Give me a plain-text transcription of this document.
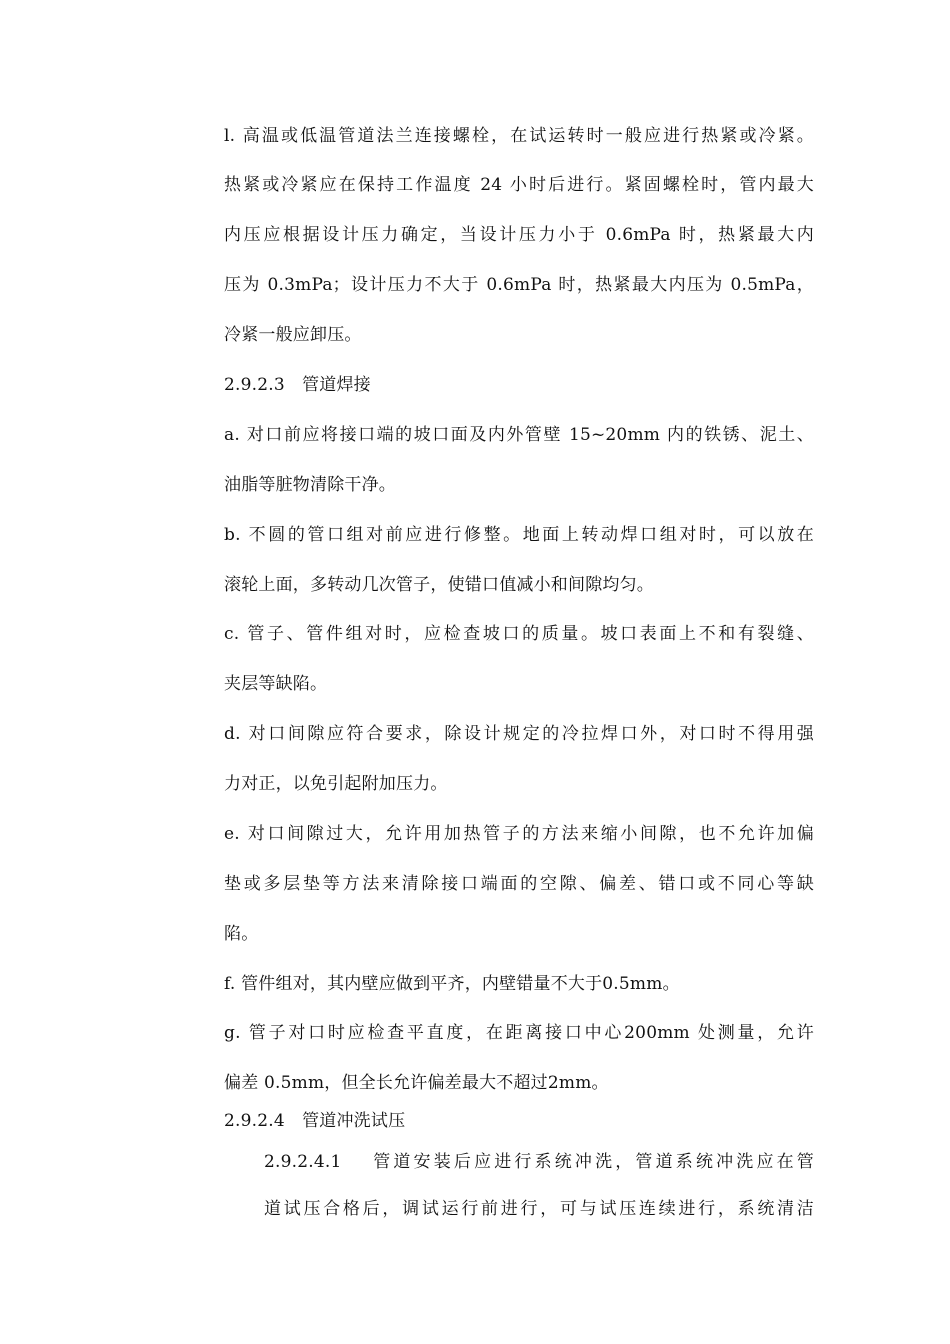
l. 高温或低温管道法兰连接螺栓，在试运转时一般应进行热紧或冷紧。
热紧或冷紧应在保持工作温度 24 小时后进行。紧固螺栓时，管内最大
内压应根据设计压力确定，当设计压力小于 0.6mPa 时，热紧最大内
压为 0.3mPa；设计压力不大于 0.6mPa 时，热紧最大内压为 0.5mPa，
冷紧一般应卸压。
2.9.2.3　管道焊接
a. 对口前应将接口端的坡口面及内外管壁 15~20mm 内的铁锈、泥土、
油脂等脏物清除干净。
b. 不圆的管口组对前应进行修整。地面上转动焊口组对时，可以放在
滚轮上面，多转动几次管子，使错口值减小和间隙均匀。
c. 管子、管件组对时，应检查坡口的质量。坡口表面上不和有裂缝、
夹层等缺陷。
d. 对口间隙应符合要求，除设计规定的冷拉焊口外，对口时不得用强
力对正，以免引起附加压力。
e. 对口间隙过大，允许用加热管子的方法来缩小间隙，也不允许加偏
垫或多层垫等方法来清除接口端面的空隙、偏差、错口或不同心等缺
陷。
f. 管件组对，其内壁应做到平齐，内壁错量不大于0.5mm。
g. 管子对口时应检查平直度，在距离接口中心200mm 处测量，允许
偏差 0.5mm，但全长允许偏差最大不超过2mm。
2.9.2.4　管道冲洗试压
2.9.2.4.1　 管道安装后应进行系统冲洗，管道系统冲洗应在管
道试压合格后，调试运行前进行，可与试压连续进行，系统清洁
